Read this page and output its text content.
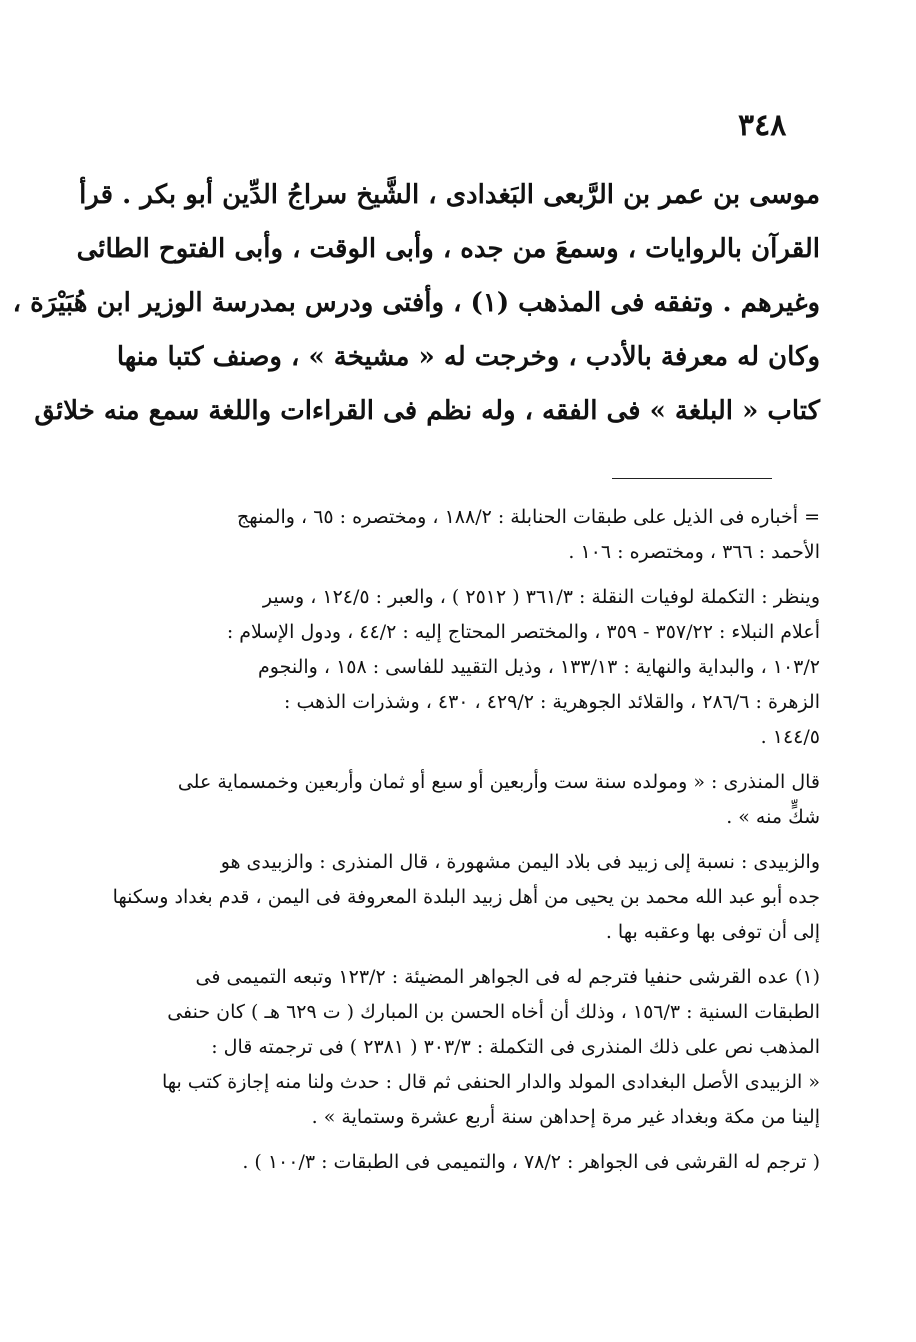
٣٤٨
موسى بن عمر بن الرَّبعى البَغدادى ، الشَّيخ سراجُ الدِّين أبو بكر . قرأ
القرآن بالروايات ، وسمعَ من جده ، وأبى الوقت ، وأبى الفتوح الطائى
وغيرهم . وتفقه فى المذهب (١) ، وأفتى ودرس بمدرسة الوزير ابن هُبَيْرَة ،
وكان له معرفة بالأدب ، وخرجت له « مشيخة » ، وصنف كتبا منها
كتاب « البلغة » فى الفقه ، وله نظم فى القراءات واللغة سمع منه خلائق
= أخباره فى الذيل على طبقات الحنابلة : ١٨٨/٢ ، ومختصره : ٦٥ ، والمنهج
الأحمد : ٣٦٦ ، ومختصره : ١٠٦ .
وينظر : التكملة لوفيات النقلة : ٣٦١/٣ ( ٢٥١٢ ) ، والعبر : ١٢٤/٥ ، وسير
أعلام النبلاء : ٣٥٧/٢٢ - ٣٥٩ ، والمختصر المحتاج إليه : ٤٤/٢ ، ودول الإسلام :
١٠٣/٢ ، والبداية والنهاية : ١٣٣/١٣ ، وذيل التقييد للفاسى : ١٥٨ ، والنجوم
الزهرة : ٢٨٦/٦ ، والقلائد الجوهرية : ٤٢٩/٢ ، ٤٣٠ ، وشذرات الذهب :
١٤٤/٥ .
قال المنذرى : « ومولده سنة ست وأربعين أو سبع أو ثمان وأربعين وخمسماية على
شكٍّ منه » .
والزبيدى : نسبة إلى زبيد فى بلاد اليمن مشهورة ، قال المنذرى : والزبيدى هو
جده أبو عبد الله محمد بن يحيى من أهل زبيد البلدة المعروفة فى اليمن ، قدم بغداد وسكنها
إلى أن توفى بها وعقبه بها .
(١) عده القرشى حنفيا فترجم له فى الجواهر المضيئة : ١٢٣/٢ وتبعه التميمى فى
الطبقات السنية : ١٥٦/٣ ، وذلك أن أخاه الحسن بن المبارك ( ت ٦٢٩ هـ ) كان حنفى
المذهب نص على ذلك المنذرى فى التكملة : ٣٠٣/٣ ( ٢٣٨١ ) فى ترجمته قال :
« الزبيدى الأصل البغدادى المولد والدار الحنفى ثم قال : حدث ولنا منه إجازة كتب بها
إلينا من مكة وبغداد غير مرة إحداهن سنة أربع عشرة وستماية » .
( ترجم له القرشى فى الجواهر : ٧٨/٢ ، والتميمى فى الطبقات : ١٠٠/٣ ) .
